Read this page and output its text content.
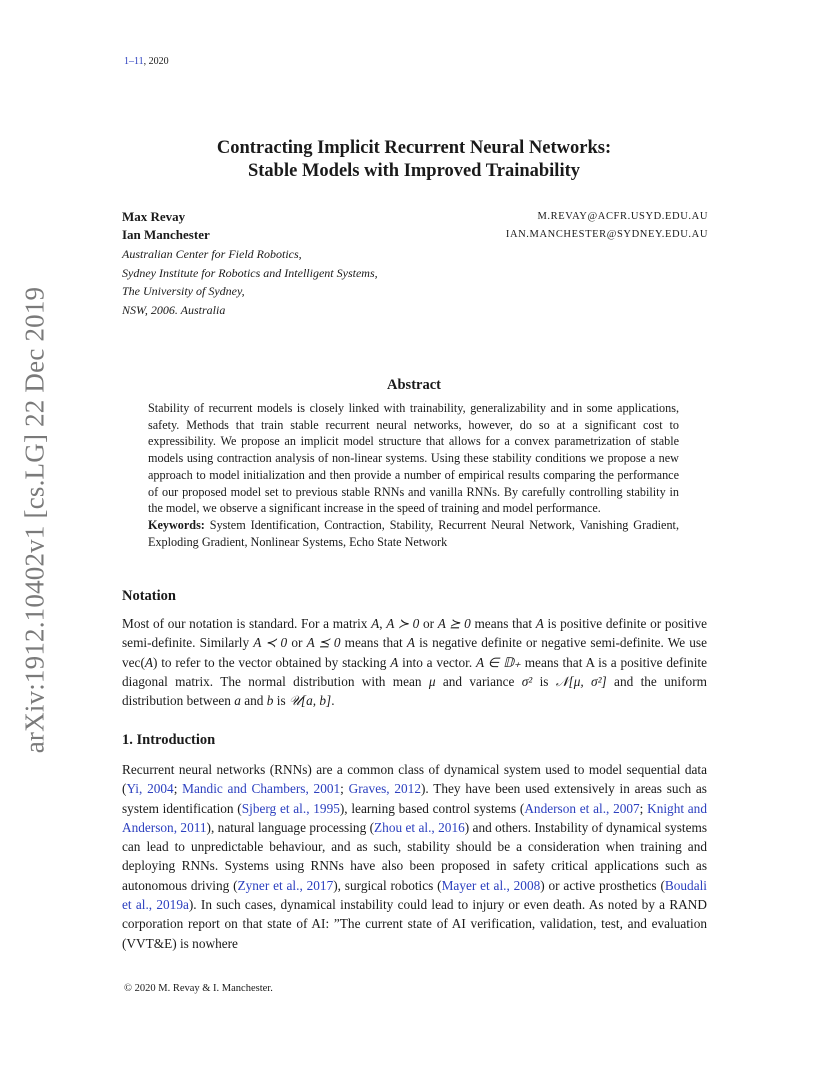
1–11, 2020
arXiv:1912.10402v1 [cs.LG] 22 Dec 2019
Contracting Implicit Recurrent Neural Networks:
Stable Models with Improved Trainability
Max Revay	M.REVAY@ACFR.USYD.EDU.AU
Ian Manchester	IAN.MANCHESTER@SYDNEY.EDU.AU
Australian Center for Field Robotics,
Sydney Institute for Robotics and Intelligent Systems,
The University of Sydney,
NSW, 2006. Australia
Abstract

Stability of recurrent models is closely linked with trainability, generalizability and in some applications, safety. Methods that train stable recurrent neural networks, however, do so at a significant cost to expressibility. We propose an implicit model structure that allows for a convex parametrization of stable models using contraction analysis of non-linear systems. Using these stability conditions we propose a new approach to model initialization and then provide a number of empirical results comparing the performance of our proposed model set to previous stable RNNs and vanilla RNNs. By carefully controlling stability in the model, we observe a significant increase in the speed of training and model performance.

Keywords: System Identification, Contraction, Stability, Recurrent Neural Network, Vanishing Gradient, Exploding Gradient, Nonlinear Systems, Echo State Network

Notation

Most of our notation is standard. For a matrix A, A ≻ 0 or A ⪰ 0 means that A is positive definite or positive semi-definite. Similarly A ≺ 0 or A ⪯ 0 means that A is negative definite or negative semi-definite. We use vec(A) to refer to the vector obtained by stacking A into a vector. A ∈ 𝔻₊ means that A is a positive definite diagonal matrix. The normal distribution with mean μ and variance σ² is 𝒩[μ, σ²] and the uniform distribution between a and b is 𝒰[a, b].

1. Introduction

Recurrent neural networks (RNNs) are a common class of dynamical system used to model sequential data (Yi, 2004; Mandic and Chambers, 2001; Graves, 2012). They have been used extensively in areas such as system identification (Sjberg et al., 1995), learning based control systems (Anderson et al., 2007; Knight and Anderson, 2011), natural language processing (Zhou et al., 2016) and others. Instability of dynamical systems can lead to unpredictable behaviour, and as such, stability should be a consideration when training and deploying RNNs. Systems using RNNs have also been proposed in safety critical applications such as autonomous driving (Zyner et al., 2017), surgical robotics (Mayer et al., 2008) or active prosthetics (Boudali et al., 2019a). In such cases, dynamical instability could lead to injury or even death. As noted by a RAND corporation report on that state of AI: ”The current state of AI verification, validation, test, and evaluation (VVT&E) is nowhere

© 2020 M. Revay & I. Manchester.
